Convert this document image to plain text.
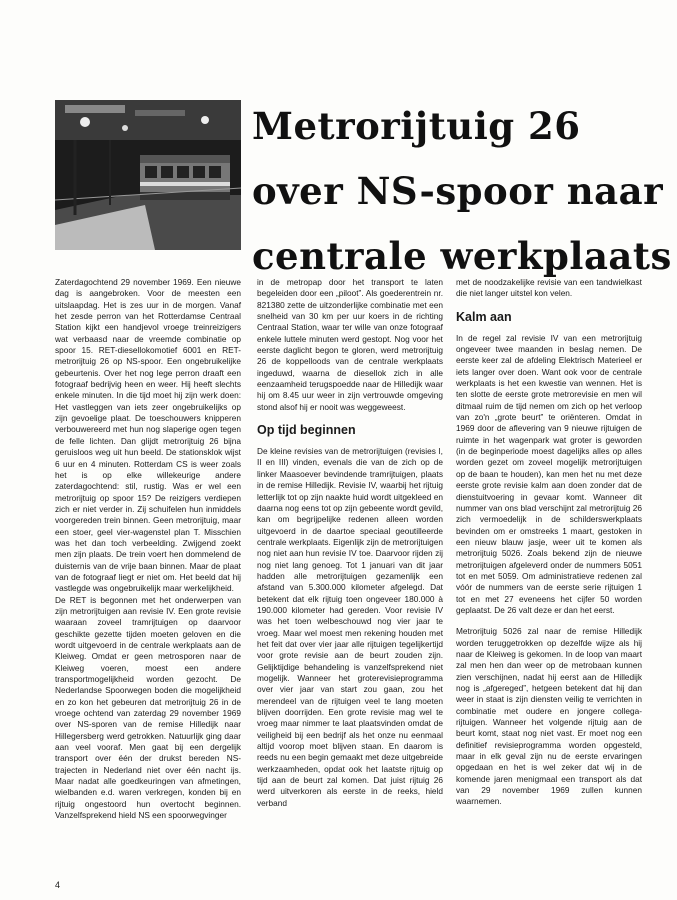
Metrorijtuig 26
over NS-spoor naar
centrale werkplaats

Zaterdagochtend 29 november 1969. Een nieuwe dag is aangebroken. Voor de meesten een uitslaapdag. Het is zes uur in de morgen. Vanaf het zesde perron van het Rotterdamse Centraal Station kijkt een handjevol vroege treinreizigers wat verbaasd naar de vreemde combinatie op spoor 15. RET-diesellokomotief 6001 en RET-metrorijtuig 26 op NS-spoor. Een ongebruikelijke gebeurtenis. Over het nog lege perron draaft een fotograaf bedrijvig heen en weer. Hij heeft slechts enkele minuten. In die tijd moet hij zijn werk doen: Het vastleggen van iets zeer ongebruikelijks op zijn gevoelige plaat. De toeschouwers knipperen verbouwereerd met hun nog slaperige ogen tegen de felle lichten. Dan glijdt metrorijtuig 26 bijna geruisloos weg uit hun beeld. De stationsklok wijst 6 uur en 4 minuten. Rotterdam CS is weer zoals het is op elke willekeurige andere zaterdagochtend: stil, rustig. Was er wel een metrorijtuig op spoor 15? De reizigers verdiepen zich er niet verder in. Zij schuifelen hun inmiddels voorgereden trein binnen. Geen metrorijtuig, maar een stoer, geel vier-wagenstel plan T. Misschien was het dan toch verbeelding. Zwijgend zoekt men zijn plaats. De trein voert hen dommelend de duisternis van de vrije baan binnen. Maar de plaat van de fotograaf liegt er niet om. Het beeld dat hij vastlegde was ongebruikelijk maar werkelijkheid.

De RET is begonnen met het onderwerpen van zijn metrorijtuigen aan revisie IV. Een grote revisie waaraan zoveel tramrijtuigen op daarvoor geschikte gezette tijden moeten geloven en die wordt uitgevoerd in de centrale werkplaats aan de Kleiweg. Omdat er geen metrosporen naar de Kleiweg voeren, moest een andere transportmogelijkheid worden gezocht. De Nederlandse Spoorwegen boden die mogelijkheid en zo kon het gebeuren dat metrorijtuig 26 in de vroege ochtend van zaterdag 29 november 1969 over NS-sporen van de remise Hilledijk naar Hillegersberg werd getrokken. Natuurlijk ging daar aan veel vooraf. Men gaat bij een dergelijk transport over één der drukst bereden NS-trajecten in Nederland niet over één nacht ijs. Maar nadat alle goedkeuringen van afmetingen, wielbanden e.d. waren verkregen, konden bij en rijtuig ongestoord hun overtocht beginnen. Vanzelfsprekend hield NS een spoorwegvinger

in de metropap door het transport te laten begeleiden door een „piloot”. Als goederentrein nr. 821380 zette de uitzonderlijke combinatie met een snelheid van 30 km per uur koers in de richting Centraal Station, waar ter wille van onze fotograaf enkele luttele minuten werd gestopt. Nog voor het eerste daglicht begon te gloren, werd metrorijtuig 26 de koppelloods van de centrale werkplaats ingeduwd, waarna de diesellok zich in alle eenzaamheid terugspoedde naar de Hilledijk waar hij om 8.45 uur weer in zijn vertrouwde omgeving stond alsof hij er nooit was weggeweest.

Op tijd beginnen

De kleine revisies van de metrorijtuigen (revisies I, II en III) vinden, evenals die van de zich op de linker Maasoever bevindende tramrijtuigen, plaats in de remise Hilledijk. Revisie IV, waarbij het rijtuig letterlijk tot op zijn naakte huid wordt uitgekleed en daarna nog eens tot op zijn gebeente wordt gevild, kan om begrijpelijke redenen alleen worden uitgevoerd in de daartoe speciaal geoutilleerde centrale werkplaats. Eigenlijk zijn de metrorijtuigen nog niet aan hun revisie IV toe. Daarvoor rijden zij nog niet lang genoeg. Tot 1 januari van dit jaar hadden alle metrorijtuigen gezamenlijk een afstand van 5.300.000 kilometer afgelegd. Dat betekent dat elk rijtuig toen ongeveer 180.000 à 190.000 kilometer had gereden. Voor revisie IV was het toen welbeschouwd nog vier jaar te vroeg. Maar wel moest men rekening houden met het feit dat over vier jaar alle rijtuigen tegelijkertijd voor grote revisie aan de beurt zouden zijn. Gelijktijdige behandeling is vanzelfsprekend niet mogelijk. Wanneer het groterevisieprogramma over vier jaar van start zou gaan, zou het merendeel van de rijtuigen veel te lang moeten blijven doorrijden. Een grote revisie mag wel te vroeg maar nimmer te laat plaatsvinden omdat de veiligheid bij een bedrijf als het onze nu eenmaal altijd voorop moet blijven staan. En daarom is reeds nu een begin gemaakt met deze uitgebreide werkzaamheden, opdat ook het laatste rijtuig op tijd aan de beurt zal komen. Dat juist rijtuig 26 werd uitverkoren als eerste in de reeks, hield verband

met de noodzakelijke revisie van een tandwielkast die niet langer uitstel kon velen.

Kalm aan

In de regel zal revisie IV van een metrorijtuig ongeveer twee maanden in beslag nemen. De eerste keer zal de afdeling Elektrisch Materieel er iets langer over doen. Want ook voor de centrale werkplaats is het een kwestie van wennen. Het is ten slotte de eerste grote metrorevisie en men wil ditmaal ruim de tijd nemen om zich op het verloop van zo'n „grote beurt” te oriënteren. Omdat in 1969 door de aflevering van 9 nieuwe rijtuigen de ruimte in het wagenpark wat groter is geworden (in de beginperiode moest dagelijks alles op alles worden gezet om zoveel mogelijk metrorijtuigen op de baan te houden), kan men het nu met deze eerste grote revisie kalm aan doen zonder dat de dienstuitvoering in gevaar komt. Wanneer dit nummer van ons blad verschijnt zal metrorijtuig 26 zich vermoedelijk in de schilderswerkplaats bevinden om er omstreeks 1 maart, gestoken in een nieuw blauw jasje, weer uit te komen als metrorijtuig 5026. Zoals bekend zijn de nieuwe metrorijtuigen afgeleverd onder de nummers 5051 tot en met 5059. Om administratieve redenen zal vóór de nummers van de eerste serie rijtuigen 1 tot en met 27 eveneens het cijfer 50 worden geplaatst. De 26 valt deze er dan het eerst.

Metrorijtuig 5026 zal naar de remise Hilledijk worden teruggetrokken op dezelfde wijze als hij naar de Kleiweg is gekomen. In de loop van maart zal men hen dan weer op de metrobaan kunnen zien verschijnen, nadat hij eerst aan de Hilledijk nog is „afgereged”, hetgeen betekent dat hij dan weer in staat is zijn diensten veilig te verrichten in combinatie met oudere en jongere collega-rijtuigen. Wanneer het volgende rijtuig aan de beurt komt, staat nog niet vast. Er moet nog een definitief revisieprogramma worden opgesteld, maar in elk geval zijn nu de eerste ervaringen opgedaan en het is wel zeker dat wij in de komende jaren menigmaal een transport als dat van 29 november 1969 zullen kunnen waarnemen.

4
